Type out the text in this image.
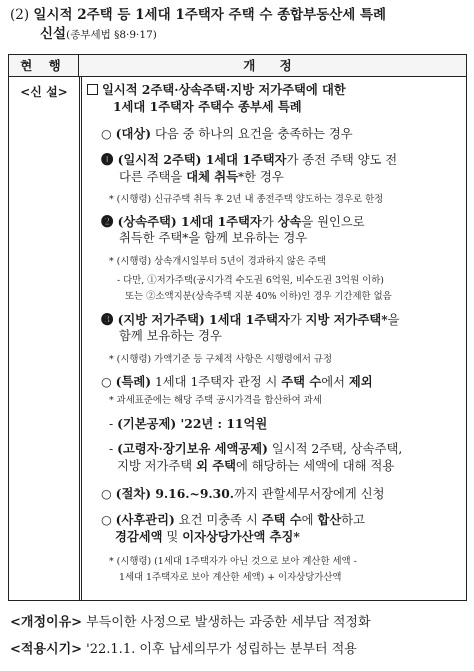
(2) 일시적 2주택 등 1세대 1주택자 주택 수 종합부동산세 특례
신설(종부세법 §8·9·17)
현 행	개 정
<신 설>	일시적 2주택·상속주택·지방 저가주택에 대한
1세대 1주택자 주택수 종부세 특례
○ (대상) 다음 중 하나의 요건을 충족하는 경우
❶ (일시적 2주택) 1세대 1주택자가 종전 주택 양도 전
다른 주택을 대체 취득*한 경우
* (시행령) 신규주택 취득 후 2년 내 종전주택 양도하는 경우로 한정
❷ (상속주택) 1세대 1주택자가 상속을 원인으로
취득한 주택*을 함께 보유하는 경우
* (시행령) 상속개시일부터 5년이 경과하지 않은 주택
- 다만, ①저가주택(공시가격 수도권 6억원, 비수도권 3억원 이하)
또는 ②소액지분(상속주택 지분 40% 이하)인 경우 기간제한 없음
❸ (지방 저가주택) 1세대 1주택자가 지방 저가주택*을
함께 보유하는 경우
* (시행령) 가액기준 등 구체적 사항은 시행령에서 규정
○ (특례) 1세대 1주택자 관정 시 주택 수에서 제외
* 과세표준에는 해당 주택 공시가격을 합산하여 과세
- (기본공제) '22년 : 11억원
- (고령자·장기보유 세액공제) 일시적 2주택, 상속주택,
지방 저가주택 외 주택에 해당하는 세액에 대해 적용
○ (절차) 9.16.~9.30.까지 관할세무서장에게 신청
○ (사후관리) 요건 미충족 시 주택 수에 합산하고
경감세액 및 이자상당가산액 추징*
* (시행령) (1세대 1주택자가 아닌 것으로 보아 계산한 세액 -
1세대 1주택자로 보아 계산한 세액) + 이자상당가산액
<개정이유> 부득이한 사정으로 발생하는 과중한 세부담 적정화
<적용시기> '22.1.1. 이후 납세의무가 성립하는 분부터 적용
